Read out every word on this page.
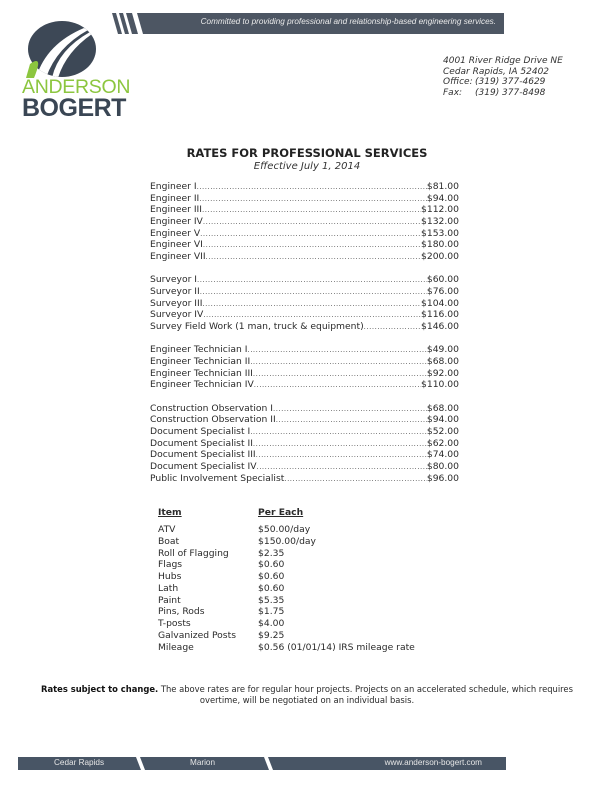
ANDERSON
BOGERT
Committed to providing professional and relationship-based engineering services.
4001 River Ridge Drive NE
Cedar Rapids, IA 52402
Office: (319) 377-4629
Fax:	(319) 377-8498
RATES FOR PROFESSIONAL SERVICES
Effective July 1, 2014
Engineer I .....	$81.00
Engineer II .....	$94.00
Engineer III .....	$112.00
Engineer IV .....	$132.00
Engineer V .....	$153.00
Engineer VI .....	$180.00
Engineer VII .....	$200.00
Surveyor I .....	$60.00
Surveyor II .....	$76.00
Surveyor III .....	$104.00
Surveyor IV .....	$116.00
Survey Field Work (1 man, truck & equipment) .....	$146.00
Engineer Technician I .....	$49.00
Engineer Technician II .....	$68.00
Engineer Technician III .....	$92.00
Engineer Technician IV .....	$110.00
Construction Observation I .....	$68.00
Construction Observation II .....	$94.00
Document Specialist I .....	$52.00
Document Specialist II .....	$62.00
Document Specialist III .....	$74.00
Document Specialist IV .....	$80.00
Public Involvement Specialist .....	$96.00
Item	Per Each
ATV	$50.00/day
Boat	$150.00/day
Roll of Flagging	$2.35
Flags	$0.60
Hubs	$0.60
Lath	$0.60
Paint	$5.35
Pins, Rods	$1.75
T-posts	$4.00
Galvanized Posts	$9.25
Mileage	$0.56 (01/01/14) IRS mileage rate
Rates subject to change. The above rates are for regular hour projects. Projects on an accelerated schedule, which requires overtime, will be negotiated on an individual basis.
Cedar Rapids	Marion	www.anderson-bogert.com
